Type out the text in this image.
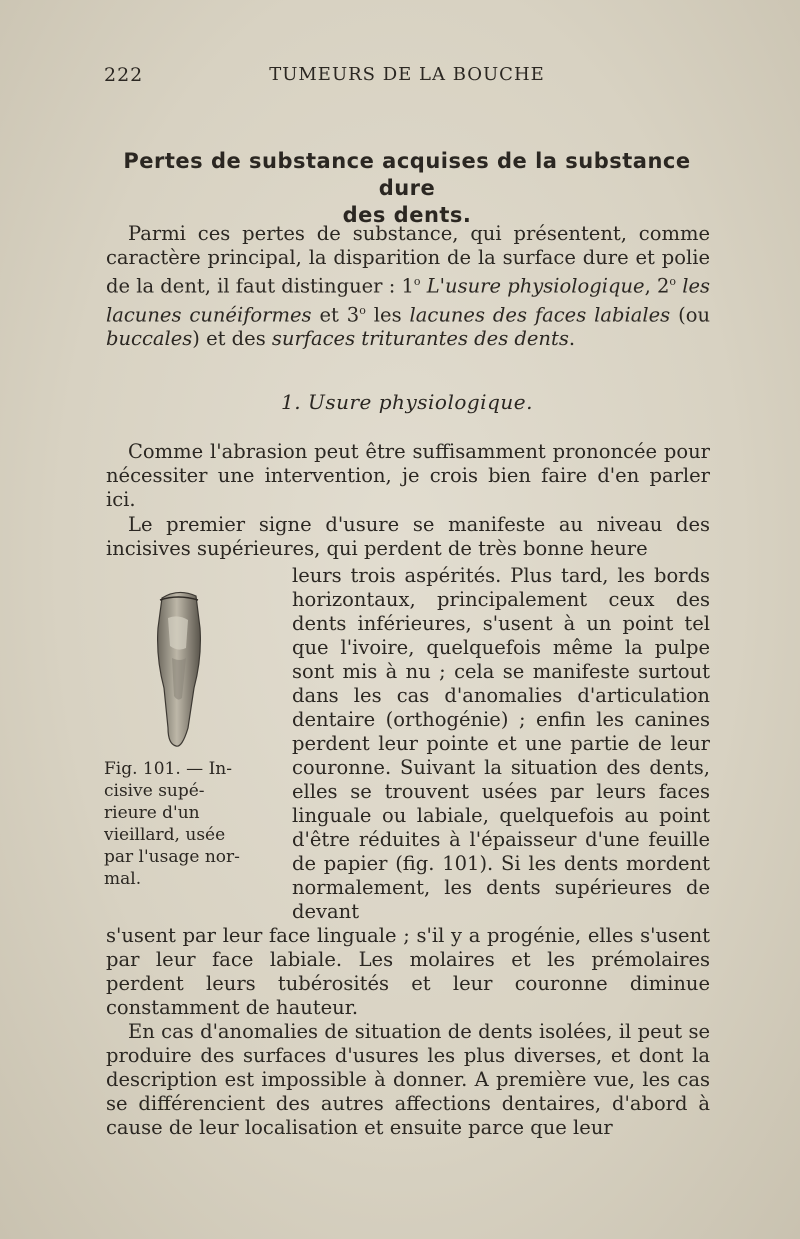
222	TUMEURS DE LA BOUCHE
Pertes de substance acquises de la substance dure
des dents.

Parmi ces pertes de substance, qui présentent, comme caractère principal, la disparition de la surface dure et polie de la dent, il faut distinguer : 1$^o$ L'usure physiologique, 2$^o$ les lacunes cunéiformes et 3$^o$ les lacunes des faces labiales (ou buccales) et des surfaces triturantes des dents.

1. Usure physiologique.

Comme l'abrasion peut être suffisamment prononcée pour nécessiter une intervention, je crois bien faire d'en parler ici.

Le premier signe d'usure se manifeste au niveau des incisives supérieures, qui perdent de très bonne heure

Fig. 101. — In-
cisive supé-
rieure d'un
vieillard, usée
par l'usage nor-
mal.

leurs trois aspérités. Plus tard, les bords horizontaux, principalement ceux des dents inférieures, s'usent à un point tel que l'ivoire, quelquefois même la pulpe sont mis à nu ; cela se manifeste surtout dans les cas d'anomalies d'articulation dentaire (orthogénie) ; enfin les canines perdent leur pointe et une partie de leur couronne. Suivant la situation des dents, elles se trouvent usées par leurs faces linguale ou labiale, quelquefois au point d'être réduites à l'épaisseur d'une feuille de papier (fig. 101). Si les dents mordent normalement, les dents supérieures de devant

s'usent par leur face linguale ; s'il y a progénie, elles s'usent par leur face labiale. Les molaires et les prémolaires perdent leurs tubérosités et leur couronne diminue constamment de hauteur.

En cas d'anomalies de situation de dents isolées, il peut se produire des surfaces d'usures les plus diverses, et dont la description est impossible à donner. A première vue, les cas se différencient des autres affections dentaires, d'abord à cause de leur localisation et ensuite parce que leur
